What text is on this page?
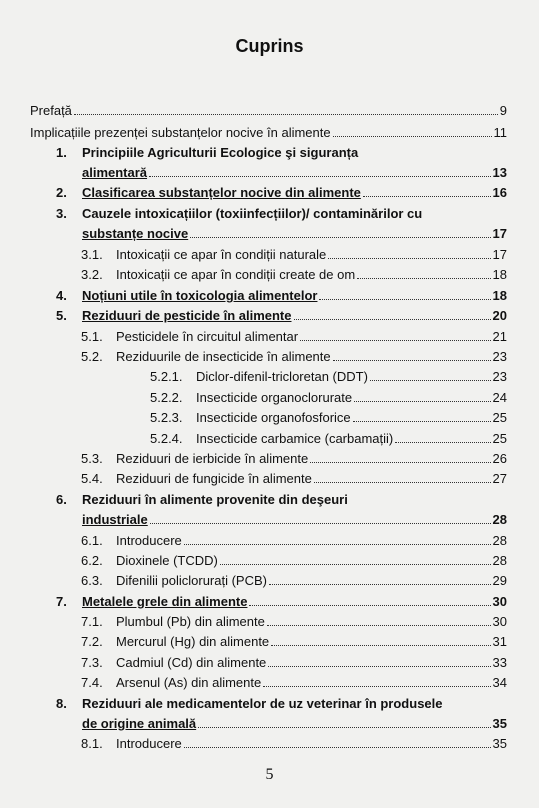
Cuprins
Prefață	9
Implicațiile prezenței substanțelor nocive în alimente	11
1.	Principiile Agriculturii Ecologice şi siguranța
alimentară	13
2.	Clasificarea substanțelor nocive din alimente	16
3.	Cauzele intoxicațiilor (toxiinfecțiilor)/ contaminărilor cu
substanțe nocive	17
3.1.	Intoxicații ce apar în condiții naturale	17
3.2.	Intoxicații ce apar în condiții create de om	18
4.	Noțiuni utile în toxicologia alimentelor	18
5.	Reziduuri de pesticide în alimente	20
5.1.	Pesticidele în circuitul alimentar	21
5.2.	Reziduurile de insecticide în alimente	23
5.2.1.	Diclor-difenil-tricloretan (DDT)	23
5.2.2.	Insecticide organoclorurate	24
5.2.3.	Insecticide organofosforice	25
5.2.4.	Insecticide carbamice (carbamații)	25
5.3.	Reziduuri de ierbicide în alimente	26
5.4.	Reziduuri de fungicide în alimente	27
6.	Reziduuri în alimente provenite din deşeuri
industriale	28
6.1.	Introducere	28
6.2.	Dioxinele (TCDD)	28
6.3.	Difenilii policlorurați (PCB)	29
7.	Metalele grele din alimente	30
7.1.	Plumbul (Pb) din alimente	30
7.2.	Mercurul (Hg) din alimente	31
7.3.	Cadmiul (Cd) din alimente	33
7.4.	Arsenul (As) din alimente	34
8.	Reziduuri ale medicamentelor de uz veterinar în produsele
de origine animală	35
8.1.	Introducere	35
5
